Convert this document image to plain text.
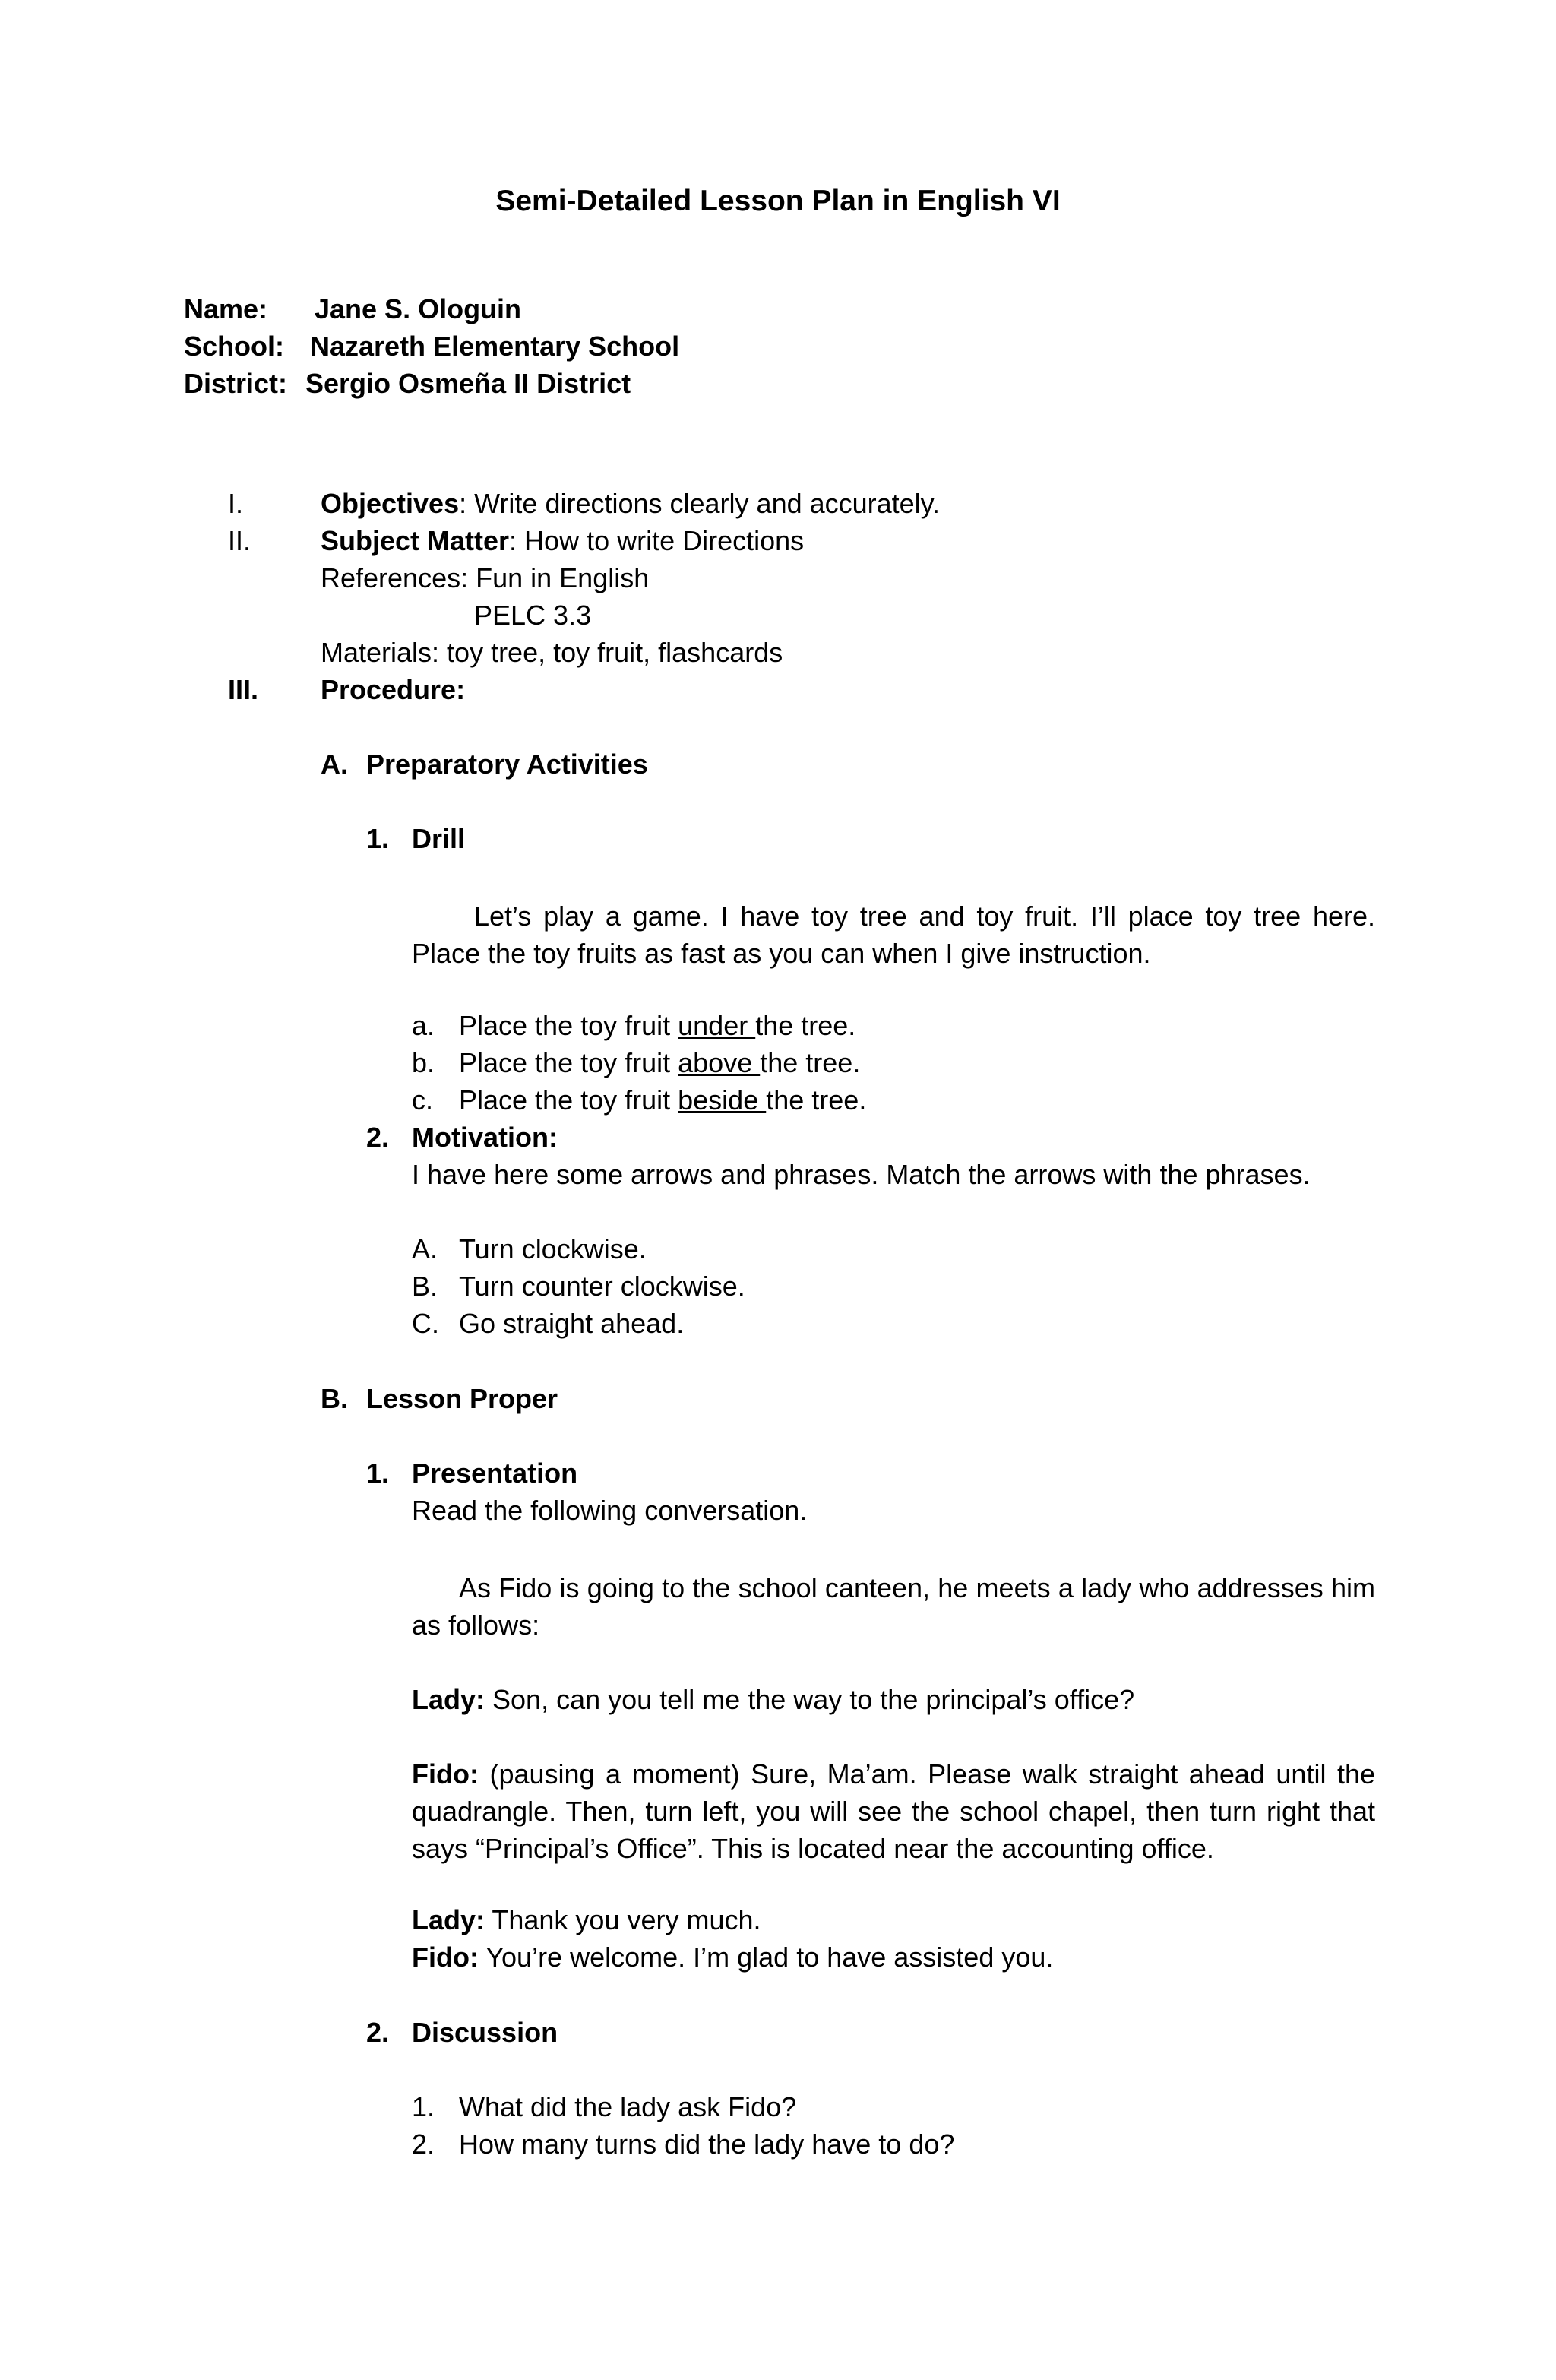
Semi-Detailed Lesson Plan in English VI
Name: Jane S. Ologuin
School: Nazareth Elementary School
District: Sergio Osmeña II District
I.	Objectives: Write directions clearly and accurately.
II.	Subject Matter: How to write Directions
References: Fun in English
PELC 3.3
Materials: toy tree, toy fruit, flashcards
III. Procedure:
A. Preparatory Activities
1. Drill
Let’s play a game. I have toy tree and toy fruit. I’ll place toy tree here. Place the toy fruits as fast as you can when I give instruction.
a. Place the toy fruit under the tree.
b. Place the toy fruit above the tree.
c. Place the toy fruit beside the tree.
2. Motivation:
I have here some arrows and phrases. Match the arrows with the phrases.
A. Turn clockwise.
B. Turn counter clockwise.
C. Go straight ahead.
B. Lesson Proper
1. Presentation
Read the following conversation.
As Fido is going to the school canteen, he meets a lady who addresses him as follows:
Lady: Son, can you tell me the way to the principal’s office?
Fido: (pausing a moment) Sure, Ma’am. Please walk straight ahead until the quadrangle. Then, turn left, you will see the school chapel, then turn right that says “Principal’s Office”. This is located near the accounting office.
Lady: Thank you very much.
Fido: You’re welcome. I’m glad to have assisted you.
2. Discussion
1. What did the lady ask Fido?
2. How many turns did the lady have to do?
